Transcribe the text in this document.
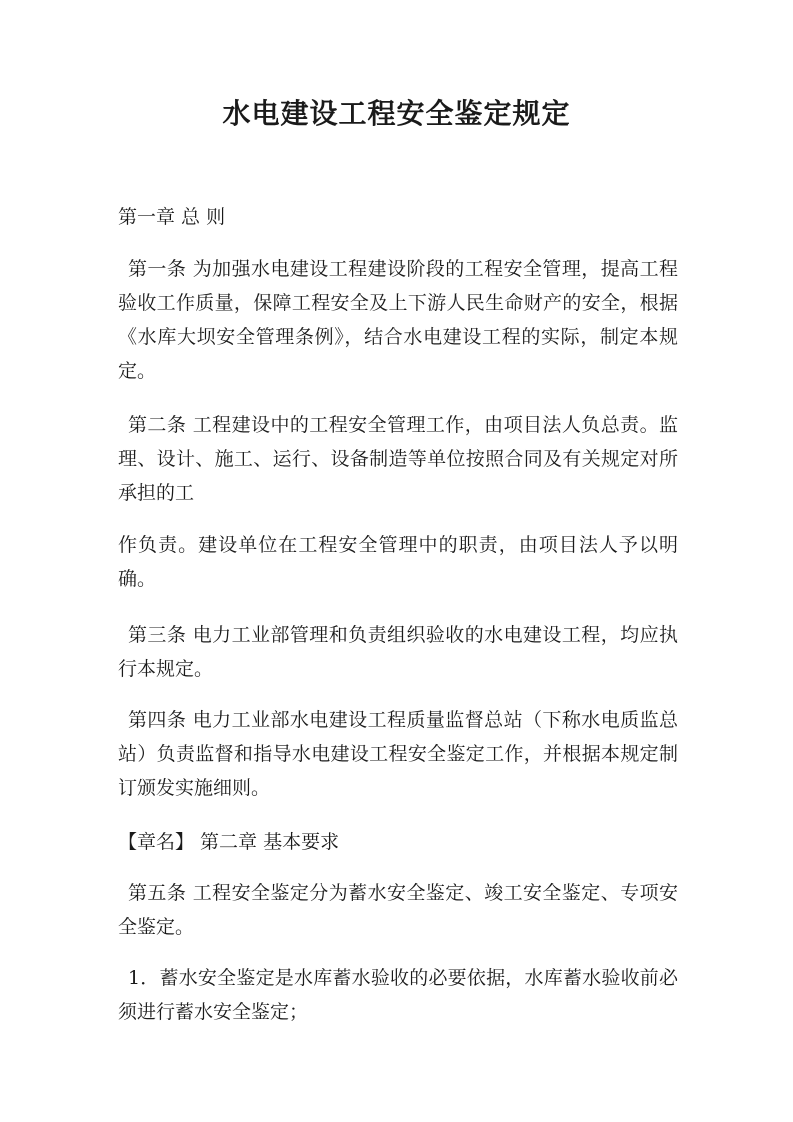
水电建设工程安全鉴定规定

第一章 总 则

第一条 为加强水电建设工程建设阶段的工程安全管理，提高工程验收工作质量，保障工程安全及上下游人民生命财产的安全，根据《水库大坝安全管理条例》，结合水电建设工程的实际，制定本规定。

第二条 工程建设中的工程安全管理工作，由项目法人负总责。监理、设计、施工、运行、设备制造等单位按照合同及有关规定对所承担的工

作负责。建设单位在工程安全管理中的职责，由项目法人予以明确。

第三条 电力工业部管理和负责组织验收的水电建设工程，均应执行本规定。

第四条 电力工业部水电建设工程质量监督总站（下称水电质监总站）负责监督和指导水电建设工程安全鉴定工作，并根据本规定制订颁发实施细则。

【章名】 第二章 基本要求

第五条 工程安全鉴定分为蓄水安全鉴定、竣工安全鉴定、专项安全鉴定。

1．蓄水安全鉴定是水库蓄水验收的必要依据，水库蓄水验收前必须进行蓄水安全鉴定；
